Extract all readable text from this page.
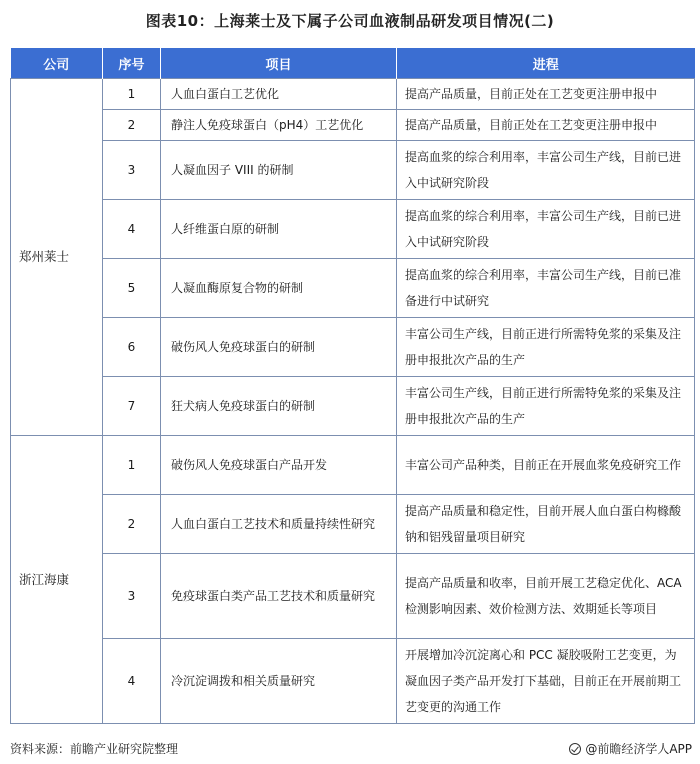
图表10：上海莱士及下属子公司血液制品研发项目情况(二)
公司	序号	项目	进程
郑州莱士	1	人血白蛋白工艺优化	提高产品质量，目前正处在工艺变更注册申报中
	2	静注人免疫球蛋白（pH4）工艺优化	提高产品质量，目前正处在工艺变更注册申报中
	3	人凝血因子 VIII 的研制	提高血浆的综合利用率，丰富公司生产线，目前已进入中试研究阶段
	4	人纤维蛋白原的研制	提高血浆的综合利用率，丰富公司生产线，目前已进入中试研究阶段
	5	人凝血酶原复合物的研制	提高血浆的综合利用率，丰富公司生产线，目前已准备进行中试研究
	6	破伤风人免疫球蛋白的研制	丰富公司生产线，目前正进行所需特免浆的采集及注册申报批次产品的生产
	7	狂犬病人免疫球蛋白的研制	丰富公司生产线，目前正进行所需特免浆的采集及注册申报批次产品的生产
浙江海康	1	破伤风人免疫球蛋白产品开发	丰富公司产品种类，目前正在开展血浆免疫研究工作
	2	人血白蛋白工艺技术和质量持续性研究	提高产品质量和稳定性，目前开展人血白蛋白构橼酸钠和铝残留量项目研究
	3	免疫球蛋白类产品工艺技术和质量研究	提高产品质量和收率，目前开展工艺稳定优化、ACA 检测影响因素、效价检测方法、效期延长等项目
	4	冷沉淀调拨和相关质量研究	开展增加冷沉淀离心和 PCC 凝胶吸附工艺变更，为凝血因子类产品开发打下基础，目前正在开展前期工艺变更的沟通工作
资料来源：前瞻产业研究院整理	@前瞻经济学人APP
